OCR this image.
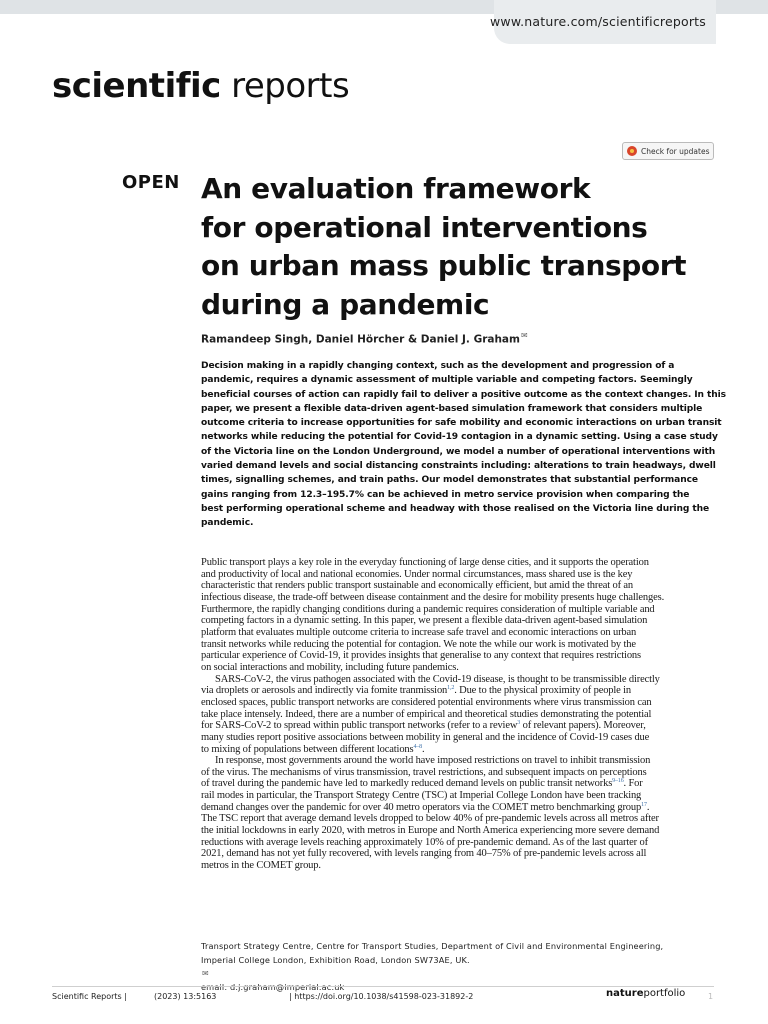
www.nature.com/scientificreports
scientific reports
Check for updates
OPEN An evaluation framework
for operational interventions
on urban mass public transport
during a pandemic
Ramandeep Singh, Daniel Hörcher & Daniel J. Graham✉
Decision making in a rapidly changing context, such as the development and progression of a
pandemic, requires a dynamic assessment of multiple variable and competing factors. Seemingly
beneficial courses of action can rapidly fail to deliver a positive outcome as the context changes. In this
paper, we present a flexible data-driven agent-based simulation framework that considers multiple
outcome criteria to increase opportunities for safe mobility and economic interactions on urban transit
networks while reducing the potential for Covid-19 contagion in a dynamic setting. Using a case study
of the Victoria line on the London Underground, we model a number of operational interventions with
varied demand levels and social distancing constraints including: alterations to train headways, dwell
times, signalling schemes, and train paths. Our model demonstrates that substantial performance
gains ranging from 12.3–195.7% can be achieved in metro service provision when comparing the
best performing operational scheme and headway with those realised on the Victoria line during the
pandemic.
Public transport plays a key role in the everyday functioning of large dense cities, and it supports the operation
and productivity of local and national economies. Under normal circumstances, mass shared use is the key
characteristic that renders public transport sustainable and economically efficient, but amid the threat of an
infectious disease, the trade-off between disease containment and the desire for mobility presents huge challenges.
Furthermore, the rapidly changing conditions during a pandemic requires consideration of multiple variable and
competing factors in a dynamic setting. In this paper, we present a flexible data-driven agent-based simulation
platform that evaluates multiple outcome criteria to increase safe travel and economic interactions on urban
transit networks while reducing the potential for contagion. We note the while our work is motivated by the
particular experience of Covid-19, it provides insights that generalise to any context that requires restrictions
on social interactions and mobility, including future pandemics.
SARS-CoV-2, the virus pathogen associated with the Covid-19 disease, is thought to be transmissible directly
via droplets or aerosols and indirectly via fomite tranmission$^{1,2}$. Due to the physical proximity of people in
enclosed spaces, public transport networks are considered potential environments where virus transmission can
take place intensely. Indeed, there are a number of empirical and theoretical studies demonstrating the potential
for SARS-CoV-2 to spread within public transport networks (refer to a review$^3$ of relevant papers). Moreover,
many studies report positive associations between mobility in general and the incidence of Covid-19 cases due
to mixing of populations between different locations$^{4-8}$.
In response, most governments around the world have imposed restrictions on travel to inhibit transmission
of the virus. The mechanisms of virus transmission, travel restrictions, and subsequent impacts on perceptions
of travel during the pandemic have led to markedly reduced demand levels on public transit networks$^{9-16}$. For
rail modes in particular, the Transport Strategy Centre (TSC) at Imperial College London have been tracking
demand changes over the pandemic for over 40 metro operators via the COMET metro benchmarking group$^{17}$.
The TSC report that average demand levels dropped to below 40% of pre-pandemic levels across all metros after
the initial lockdowns in early 2020, with metros in Europe and North America experiencing more severe demand
reductions with average levels reaching approximately 10% of pre-pandemic demand. As of the last quarter of
2021, demand has not yet fully recovered, with levels ranging from 40–75% of pre-pandemic levels across all
metros in the COMET group.
Transport Strategy Centre, Centre for Transport Studies, Department of Civil and Environmental Engineering,
Imperial College London, Exhibition Road, London SW73AE, UK.
✉
Scientific Reports |	(2023) 13:5163	| https://doi.org/10.1038/s41598-023-31892-2	natureportfolio	1
